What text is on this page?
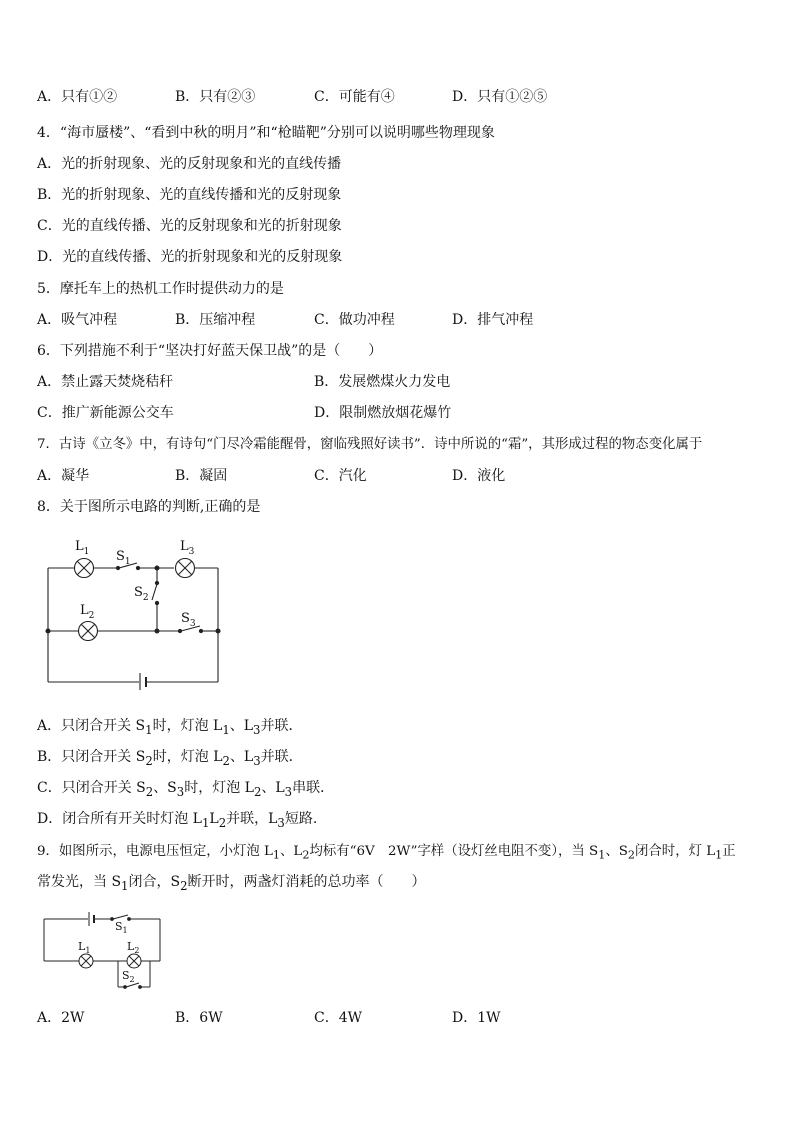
A．只有①②	B．只有②③	C．可能有④	D．只有①②⑤
4．“海市蜃楼”、“看到中秋的明月”和“枪瞄靶”分别可以说明哪些物理现象
A．光的折射现象、光的反射现象和光的直线传播
B．光的折射现象、光的直线传播和光的反射现象
C．光的直线传播、光的反射现象和光的折射现象
D．光的直线传播、光的折射现象和光的反射现象
5．摩托车上的热机工作时提供动力的是
A．吸气冲程	B．压缩冲程	C．做功冲程	D．排气冲程
6．下列措施不利于“坚决打好蓝天保卫战”的是（　　）
A．禁止露天焚烧秸秆	B．发展燃煤火力发电
C．推广新能源公交车	D．限制燃放烟花爆竹
7．古诗《立冬》中，有诗句“门尽冷霜能醒骨，窗临残照好读书”．诗中所说的“霜”，其形成过程的物态变化属于
A．凝华	B．凝固	C．汽化	D．液化
8．关于图所示电路的判断,正确的是
$L_1$ $S_1$
$L_3$
$S_2$
$L_2$	$S_3$
A．只闭合开关 $S_1$时，灯泡 $L_1$、$L_3$并联．
B．只闭合开关 $S_2$时，灯泡 $L_2$、$L_3$并联．
C．只闭合开关 $S_2$、$S_3$时，灯泡 $L_2$、$L_3$串联．
D．闭合所有开关时灯泡 $L_1L_2$并联，$L_3$短路.
9．如图所示，电源电压恒定，小灯泡 $L_1$、$L_2$均标有“6V　2W”字样（设灯丝电阻不变），当 $S_1$、$S_2$闭合时，灯 $L_1$正
常发光，当 $S_1$闭合，$S_2$断开时，两盏灯消耗的总功率（　　）
$S_1$
$L_1$	$L_2$
$S_2$
A．2W	B．6W	C．4W	D．1W
